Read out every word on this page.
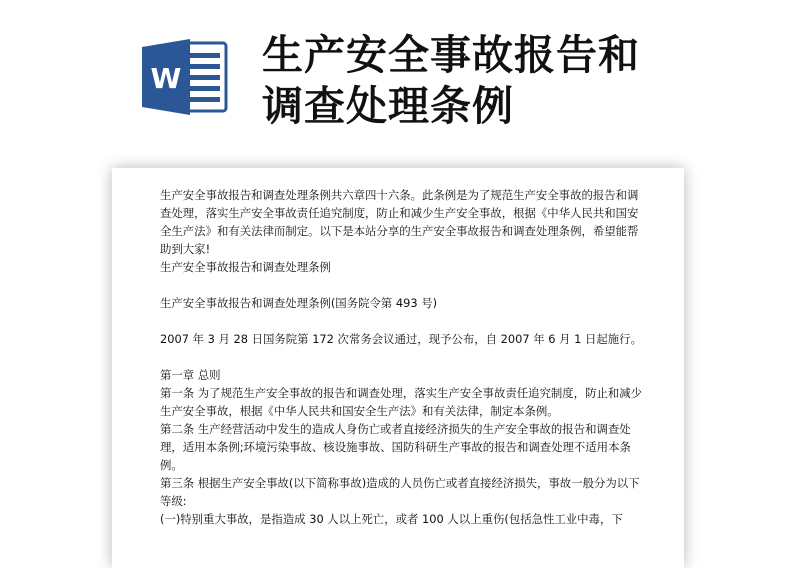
W 生产安全事故报告和
调查处理条例

生产安全事故报告和调查处理条例共六章四十六条。此条例是为了规范生产安全事故的报告和调查处理，落实生产安全事故责任追究制度，防止和减少生产安全事故，根据《中华人民共和国安全生产法》和有关法律而制定。以下是本站分享的生产安全事故报告和调查处理条例，希望能帮助到大家!

生产安全事故报告和调查处理条例

生产安全事故报告和调查处理条例(国务院令第 493 号)

2007 年 3 月 28 日国务院第 172 次常务会议通过，现予公布，自 2007 年 6 月 1 日起施行。

第一章 总则

第一条 为了规范生产安全事故的报告和调查处理，落实生产安全事故责任追究制度，防止和减少生产安全事故，根据《中华人民共和国安全生产法》和有关法律，制定本条例。

第二条 生产经营活动中发生的造成人身伤亡或者直接经济损失的生产安全事故的报告和调查处理，适用本条例;环境污染事故、核设施事故、国防科研生产事故的报告和调查处理不适用本条例。

第三条 根据生产安全事故(以下简称事故)造成的人员伤亡或者直接经济损失，事故一般分为以下等级:

(一)特别重大事故，是指造成 30 人以上死亡，或者 100 人以上重伤(包括急性工业中毒，下
